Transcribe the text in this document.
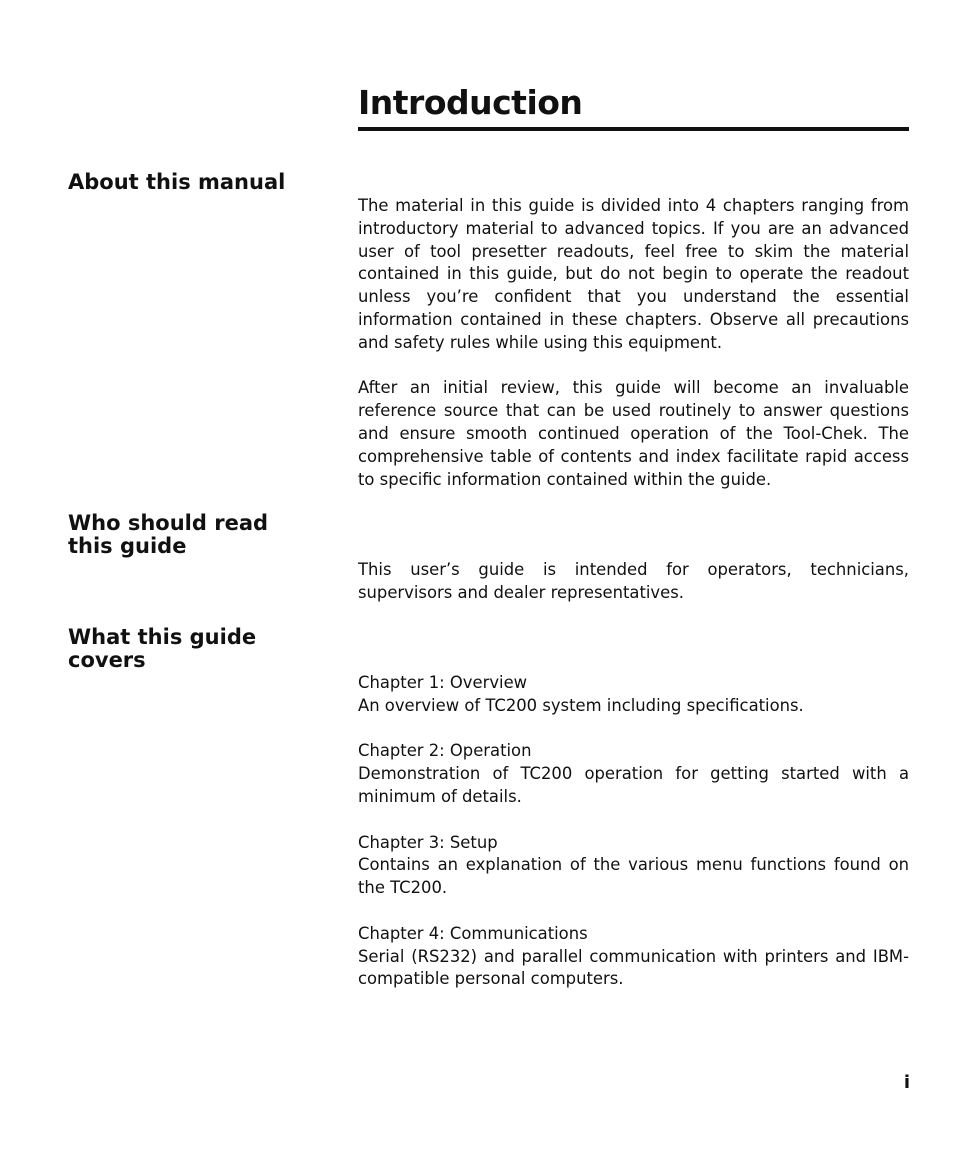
Introduction
About this manual

The material in this guide is divided into 4 chapters ranging from introductory material to advanced topics. If you are an advanced user of tool presetter readouts, feel free to skim the material contained in this guide, but do not begin to operate the readout unless you’re confident that you understand the essential information contained in these chapters. Observe all precautions and safety rules while using this equipment.

After an initial review, this guide will become an invaluable reference source that can be used routinely to answer questions and ensure smooth continued operation of the Tool-Chek. The comprehensive table of contents and index facilitate rapid access to specific information contained within the guide.

Who should read
this guide

This user’s guide is intended for operators, technicians, supervisors and dealer representatives.

What this guide
covers
Chapter 1: Overview

An overview of TC200 system including specifications.

Chapter 2: Operation

Demonstration of TC200 operation for getting started with a minimum of details.

Chapter 3: Setup

Contains an explanation of the various menu functions found on the TC200.

Chapter 4: Communications

Serial (RS232) and parallel communication with printers and IBM-compatible personal computers.

i
